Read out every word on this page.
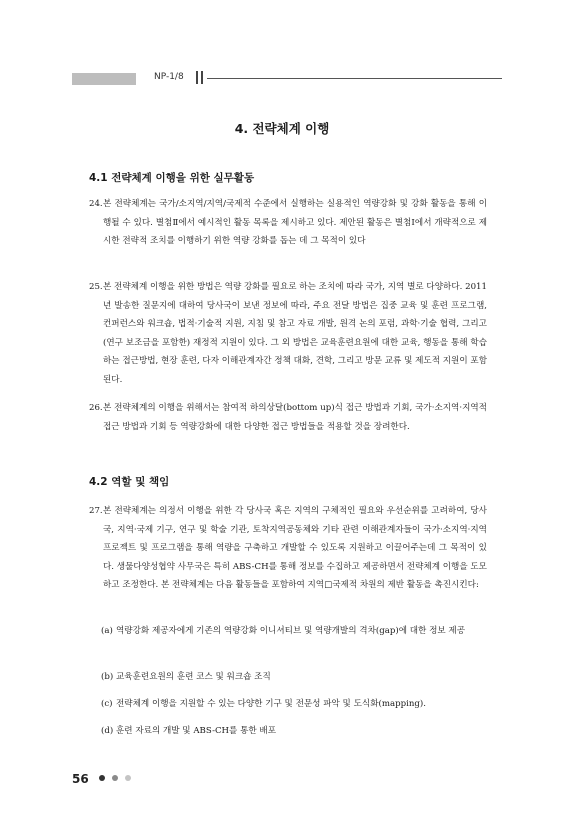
NP-1/8
4. 전략체계 이행
4.1 전략체계 이행을 위한 실무활동
24. 본 전략체계는 국가/소지역/지역/국제적 수준에서 실행하는 실용적인 역량강화 및 강화 활동을 통해 이행될 수 있다. 별첨Ⅱ에서 예시적인 활동 목록을 제시하고 있다. 제안된 활동은 별첨Ⅰ에서 개략적으로 제시한 전략적 조치를 이행하기 위한 역량 강화를 돕는 데 그 목적이 있다
25. 본 전략체계 이행을 위한 방법은 역량 강화를 필요로 하는 조치에 따라 국가, 지역 별로 다양하다. 2011년 발송한 질문지에 대하여 당사국이 보낸 정보에 따라, 주요 전달 방법은 집중 교육 및 훈련 프로그램, 컨퍼런스와 워크숍, 법적·기술적 지원, 지침 및 참고 자료 개발, 원격 논의 포럼, 과학·기술 협력, 그리고 (연구 보조금을 포함한) 재정적 지원이 있다. 그 외 방법은 교육훈련요원에 대한 교육, 행동을 통해 학습하는 접근방법, 현장 훈련, 다자 이해관계자간 정책 대화, 견학, 그리고 방문 교류 및 제도적 지원이 포함된다.
26. 본 전략체계의 이행을 위해서는 참여적 하의상달(bottom up)식 접근 방법과 기회, 국가·소지역·지역적 접근 방법과 기회 등 역량강화에 대한 다양한 접근 방법들을 적용할 것을 장려한다.
4.2 역할 및 책임
27. 본 전략체계는 의정서 이행을 위한 각 당사국 혹은 지역의 구체적인 필요와 우선순위를 고려하여, 당사국, 지역·국제 기구, 연구 및 학술 기관, 토착지역공동체와 기타 관련 이해관계자들이 국가·소지역·지역 프로젝트 및 프로그램을 통해 역량을 구축하고 개발할 수 있도록 지원하고 이끌어주는데 그 목적이 있다. 생물다양성협약 사무국은 특히 ABS-CH를 통해 정보를 수집하고 제공하면서 전략체계 이행을 도모하고 조정한다. 본 전략체계는 다음 활동들을 포함하여 지역□국제적 차원의 제반 활동을 촉진시킨다:
(a) 역량강화 제공자에게 기존의 역량강화 이니셔티브 및 역량개발의 격차(gap)에 대한 정보 제공
(b) 교육훈련요원의 훈련 코스 및 워크숍 조직
(c) 전략체계 이행을 지원할 수 있는 다양한 기구 및 전문성 파악 및 도식화(mapping).
(d) 훈련 자료의 개발 및 ABS-CH를 통한 배포
56
